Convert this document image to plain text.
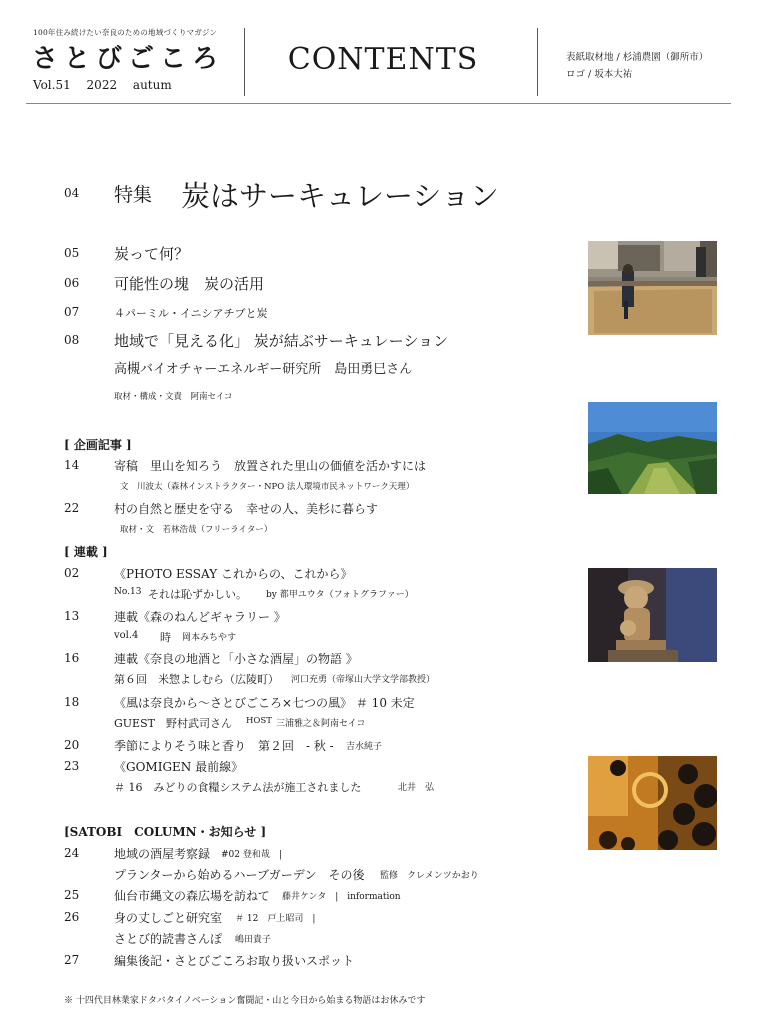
100年住み続けたい奈良のための地域づくりマガジン
さとびごころ
Vol.51 2022 autum
CONTENTS	表紙取材地 / 杉浦農園（御所市）
ロゴ / 坂本大祐
04 特集 炭はサーキュレーション
05 炭って何？
06 可能性の塊　炭の活用
07	４パーミル・イニシアチブと炭
08 地域で「見える化」 炭が結ぶサーキュレーション
高槻バイオチャーエネルギー研究所　島田勇巳さん
取材・構成・文責　阿南セイコ
[ 企画記事 ]
14	寄稿　里山を知ろう　放置された里山の価値を活かすには
文　川波太（森林インストラクター・NPO 法人環境市民ネットワーク天理）
22	村の自然と歴史を守る　幸せの人、美杉に暮らす
取材・文　若林浩哉（フリーライター）
[ 連載 ]
02	《PHOTO ESSAY これからの、これから》
No.13 それは恥ずかしい。 by 都甲ユウタ（フォトグラファー）
13	連載《森のねんどギャラリー 》
vol.4 時 岡本みちやす
16	連載《奈良の地酒と「小さな酒屋」の物語 》
第６回　米惣よしむら（広陵町） 河口充勇（帝塚山大学文学部教授）
18	《風は奈良から～さとびごころ×七つの風》 ＃ 10 未定
GUEST　野村武司さん HOST 三浦雅之＆阿南セイコ
20	季節によりそう味と香り　第２回　- 秋 - 吉水純子
23	《GOMIGEN 最前線》
＃ 16　みどりの食糧システム法が施工されました	北井　弘
[SATOBI　COLUMN・お知らせ ]
24	地域の酒屋考察録 #02 登和哉　|
プランターから始めるハーブガーデン　その後 監修　クレメンツかおり
25	仙台市縄文の森広場を訪ねて 藤井ケンタ　|　information
26	身の丈しごと研究室 ＃ 12　戸上昭司　|
さとび的読書さんぽ 嶋田貴子
27	編集後記・さとびごころお取り扱いスポット
※ 十四代目林業家ドタバタイノベーション奮闘記・山と今日から始まる物語はお休みです
